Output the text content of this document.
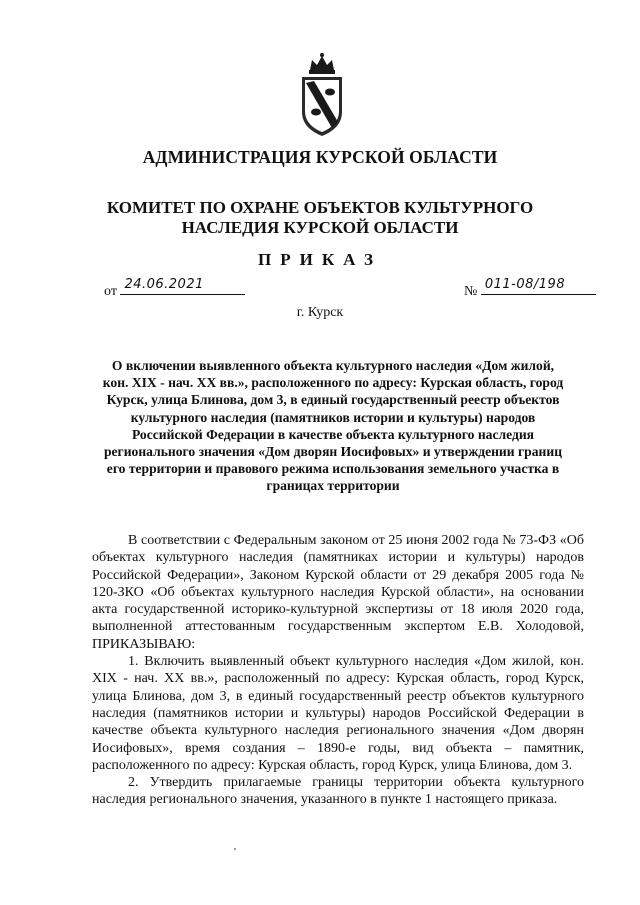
АДМИНИСТРАЦИЯ КУРСКОЙ ОБЛАСТИ
КОМИТЕТ ПО ОХРАНЕ ОБЪЕКТОВ КУЛЬТУРНОГО НАСЛЕДИЯ КУРСКОЙ ОБЛАСТИ
ПРИКАЗ
от 24.06.2021	№ 011-08/198
г. Курск
О включении выявленного объекта культурного наследия «Дом жилой, кон. XIX - нач. XX вв.», расположенного по адресу: Курская область, город Курск, улица Блинова, дом 3, в единый государственный реестр объектов культурного наследия (памятников истории и культуры) народов Российской Федерации в качестве объекта культурного наследия регионального значения «Дом дворян Иосифовых» и утверждении границ его территории и правового режима использования земельного участка в границах территории

В соответствии с Федеральным законом от 25 июня 2002 года № 73-ФЗ «Об объектах культурного наследия (памятниках истории и культуры) народов Российской Федерации», Законом Курской области от 29 декабря 2005 года № 120-ЗКО «Об объектах культурного наследия Курской области», на основании акта государственной историко-культурной экспертизы от 18 июля 2020 года, выполненной аттестованным государственным экспертом Е.В. Холодовой, ПРИКАЗЫВАЮ:

1. Включить выявленный объект культурного наследия «Дом жилой, кон. XIX - нач. XX вв.», расположенный по адресу: Курская область, город Курск, улица Блинова, дом 3, в единый государственный реестр объектов культурного наследия (памятников истории и культуры) народов Российской Федерации в качестве объекта культурного наследия регионального значения «Дом дворян Иосифовых», время создания – 1890-е годы, вид объекта – памятник, расположенного по адресу: Курская область, город Курск, улица Блинова, дом 3.

2. Утвердить прилагаемые границы территории объекта культурного наследия регионального значения, указанного в пункте 1 настоящего приказа.
